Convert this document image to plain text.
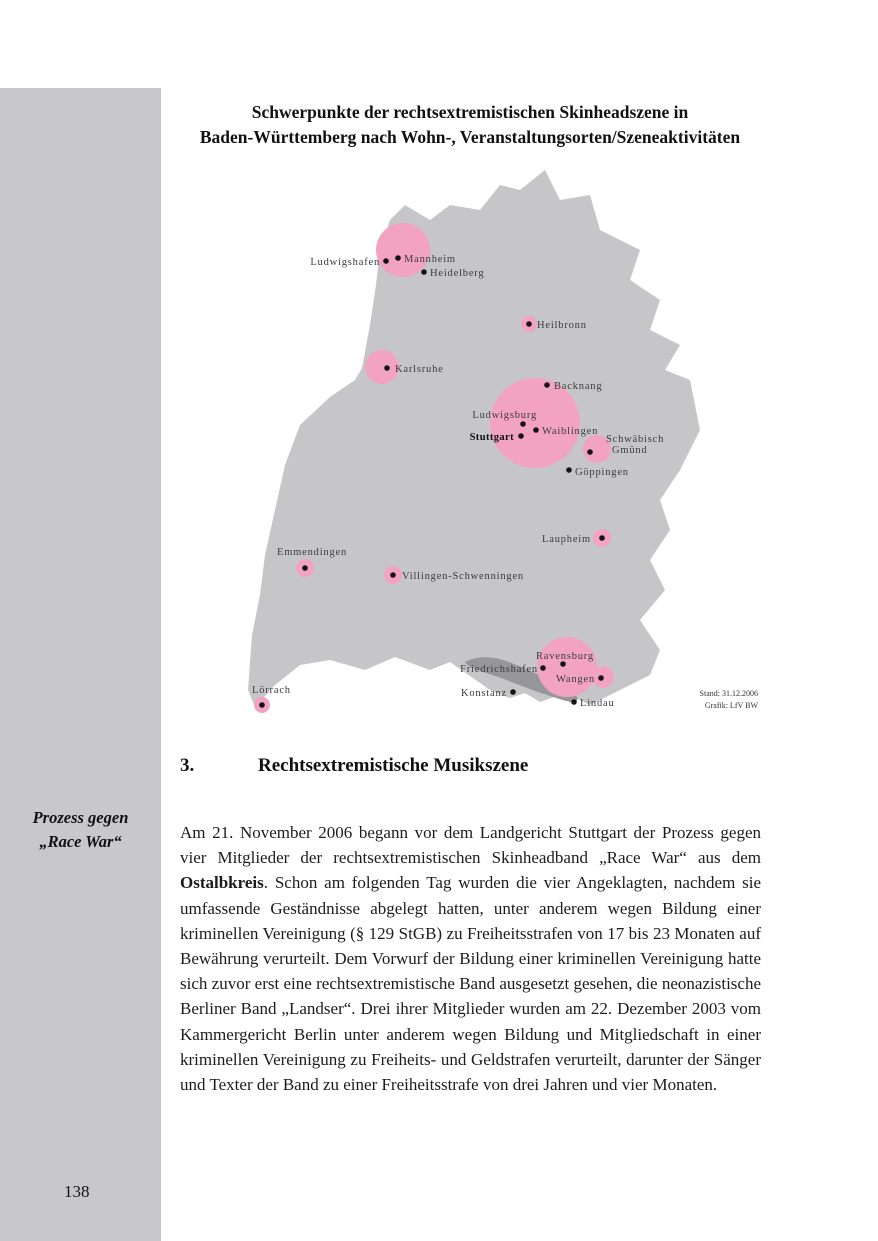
Schwerpunkte der rechtsextremistischen Skinheadszene in
Baden-Württemberg nach Wohn-, Veranstaltungsorten/Szeneaktivitäten
Ludwigshafen Mannheim
Heidelberg
Heilbronn
Karlsruhe
Backnang
Ludwigsburg
Stuttgart
Waiblingen
Schwäbisch
Gmünd
Göppingen
Laupheim
Emmendingen
Villingen-Schwenningen
Ravensburg
Friedrichshafen
Wangen
Konstanz
Lindau
Lörrach	Stand: 31.12.2006
Grafik: LfV BW
3.	Rechtsextremistische Musikszene
Prozess gegen
„Race War“	Am 21. November 2006 begann vor dem Landgericht Stuttgart der Prozess gegen vier Mitglieder der rechtsextremistischen Skinheadband „Race War“ aus dem Ostalbkreis. Schon am folgenden Tag wurden die vier Angeklagten, nachdem sie umfassende Geständnisse abgelegt hatten, unter anderem wegen Bildung einer kriminellen Vereinigung (§ 129 StGB) zu Freiheitsstrafen von 17 bis 23 Monaten auf Bewährung verurteilt. Dem Vorwurf der Bildung einer kriminellen Vereinigung hatte sich zuvor erst eine rechtsextremistische Band ausgesetzt gesehen, die neonazistische Berliner Band „Landser“. Drei ihrer Mitglieder wurden am 22. Dezember 2003 vom Kammergericht Berlin unter anderem wegen Bildung und Mitgliedschaft in einer kriminellen Vereinigung zu Freiheits- und Geldstrafen verurteilt, darunter der Sänger und Texter der Band zu einer Freiheitsstrafe von drei Jahren und vier Monaten.

138
